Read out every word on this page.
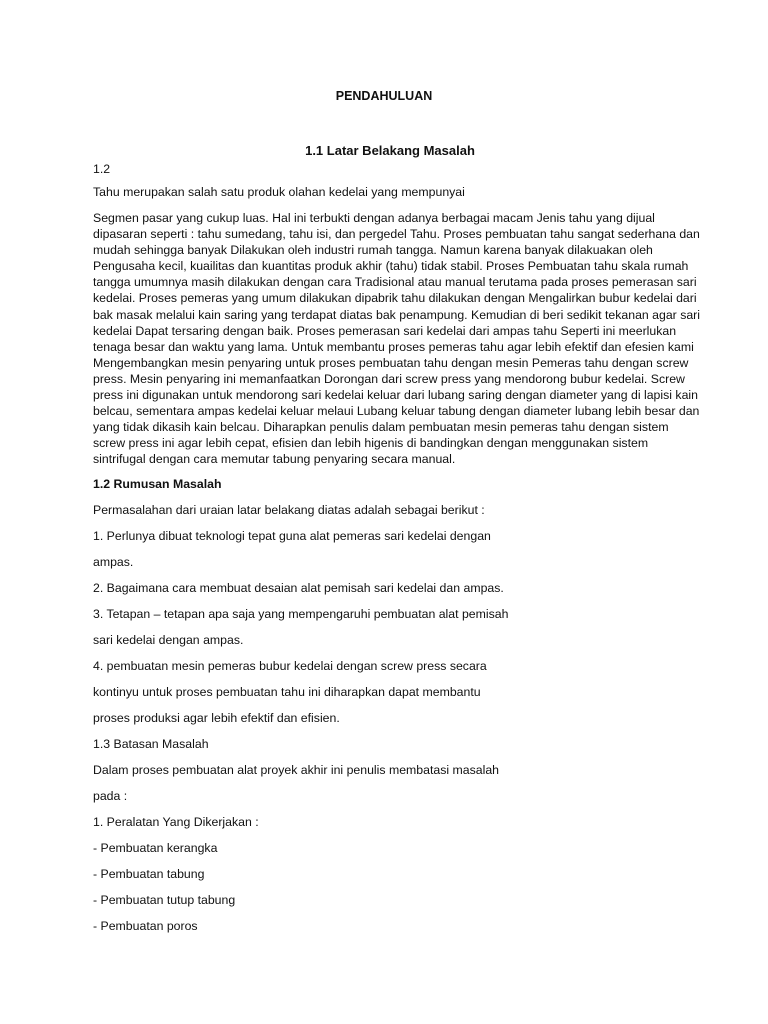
PENDAHULUAN
1.1 Latar Belakang Masalah

1.2

Tahu merupakan salah satu produk olahan kedelai yang mempunyai

Segmen pasar yang cukup luas. Hal ini terbukti dengan adanya berbagai macam Jenis tahu yang dijual
dipasaran seperti : tahu sumedang, tahu isi, dan pergedel Tahu. Proses pembuatan tahu sangat sederhana dan
mudah sehingga banyak Dilakukan oleh industri rumah tangga. Namun karena banyak dilakuakan oleh
Pengusaha kecil, kuailitas dan kuantitas produk akhir (tahu) tidak stabil. Proses Pembuatan tahu skala rumah
tangga umumnya masih dilakukan dengan cara Tradisional atau manual terutama pada proses pemerasan sari
kedelai. Proses pemeras yang umum dilakukan dipabrik tahu dilakukan dengan Mengalirkan bubur kedelai dari
bak masak melalui kain saring yang terdapat diatas bak penampung. Kemudian di beri sedikit tekanan agar sari
kedelai Dapat tersaring dengan baik. Proses pemerasan sari kedelai dari ampas tahu Seperti ini meerlukan
tenaga besar dan waktu yang lama. Untuk membantu proses pemeras tahu agar lebih efektif dan efesien kami
Mengembangkan mesin penyaring untuk proses pembuatan tahu dengan mesin Pemeras tahu dengan screw
press. Mesin penyaring ini memanfaatkan Dorongan dari screw press yang mendorong bubur kedelai. Screw
press ini digunakan untuk mendorong sari kedelai keluar dari lubang saring dengan diameter yang di lapisi kain
belcau, sementara ampas kedelai keluar melaui Lubang keluar tabung dengan diameter lubang lebih besar dan
yang tidak dikasih kain belcau. Diharapkan penulis dalam pembuatan mesin pemeras tahu dengan sistem
screw press ini agar lebih cepat, efisien dan lebih higenis di bandingkan dengan menggunakan sistem
sintrifugal dengan cara memutar tabung penyaring secara manual.

1.2 Rumusan Masalah

Permasalahan dari uraian latar belakang diatas adalah sebagai berikut :

1. Perlunya dibuat teknologi tepat guna alat pemeras sari kedelai dengan

ampas.

2. Bagaimana cara membuat desaian alat pemisah sari kedelai dan ampas.

3. Tetapan – tetapan apa saja yang mempengaruhi pembuatan alat pemisah

sari kedelai dengan ampas.

4. pembuatan mesin pemeras bubur kedelai dengan screw press secara

kontinyu untuk proses pembuatan tahu ini diharapkan dapat membantu

proses produksi agar lebih efektif dan efisien.

1.3 Batasan Masalah

Dalam proses pembuatan alat proyek akhir ini penulis membatasi masalah

pada :

1. Peralatan Yang Dikerjakan :

- Pembuatan kerangka

- Pembuatan tabung

- Pembuatan tutup tabung

- Pembuatan poros
